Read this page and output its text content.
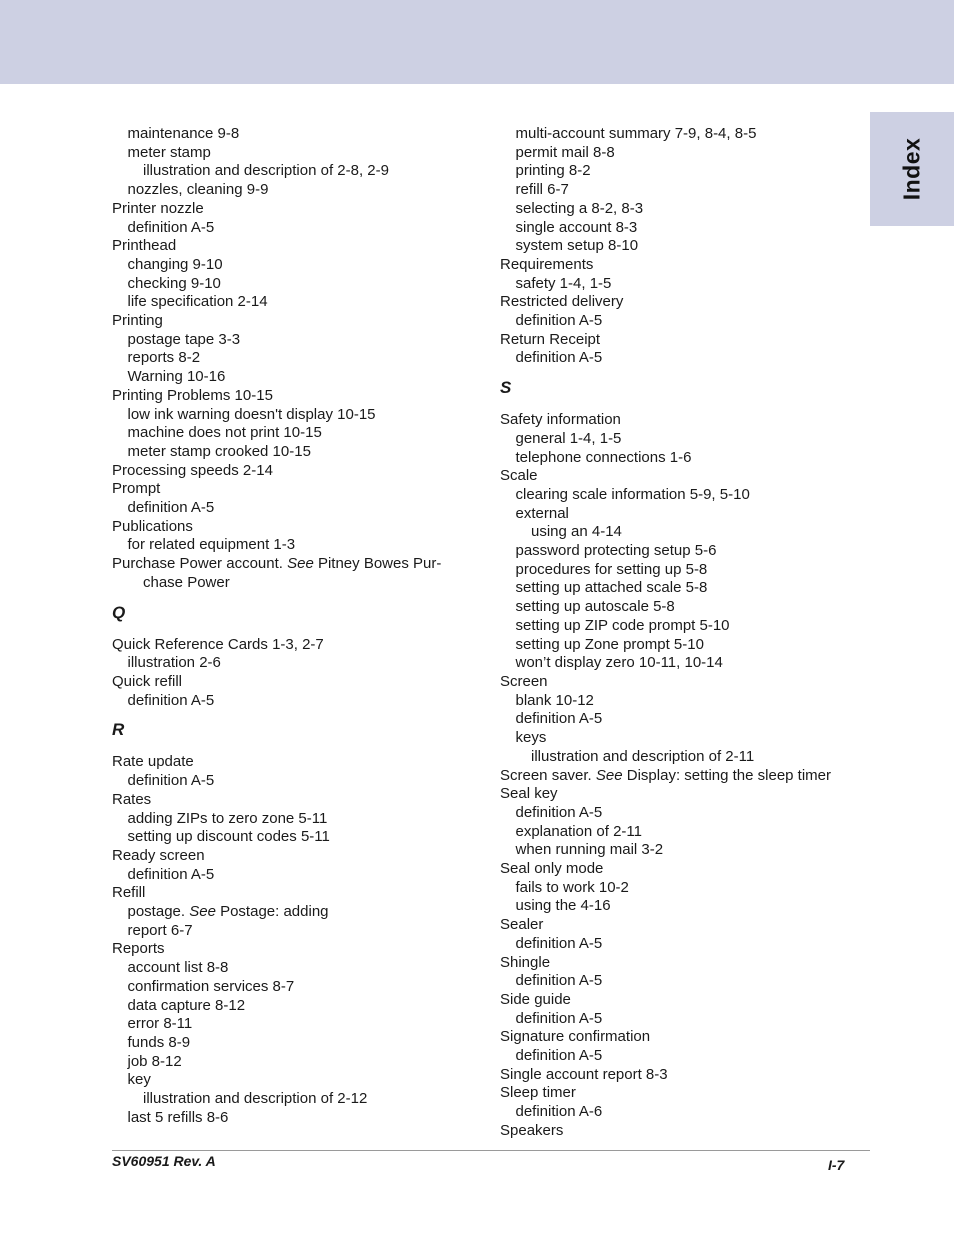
Index
maintenance 9-8
meter stamp
illustration and description of 2-8, 2-9
nozzles, cleaning 9-9
Printer nozzle
definition A-5
Printhead
changing 9-10
checking 9-10
life specification 2-14
Printing
postage tape 3-3
reports 8-2
Warning 10-16
Printing Problems 10-15
low ink warning doesn't display 10-15
machine does not print 10-15
meter stamp crooked 10-15
Processing speeds 2-14
Prompt
definition A-5
Publications
for related equipment 1-3
Purchase Power account. See Pitney Bowes Pur-
chase Power
Q
Quick Reference Cards 1-3, 2-7
illustration 2-6
Quick refill
definition A-5
R
Rate update
definition A-5
Rates
adding ZIPs to zero zone 5-11
setting up discount codes 5-11
Ready screen
definition A-5
Refill
postage. See Postage: adding
report 6-7
Reports
account list 8-8
confirmation services 8-7
data capture 8-12
error 8-11
funds 8-9
job 8-12
key
illustration and description of 2-12
last 5 refills 8-6
multi-account summary 7-9, 8-4, 8-5
permit mail 8-8
printing 8-2
refill 6-7
selecting a 8-2, 8-3
single account 8-3
system setup 8-10
Requirements
safety 1-4, 1-5
Restricted delivery
definition A-5
Return Receipt
definition A-5
S
Safety information
general 1-4, 1-5
telephone connections 1-6
Scale
clearing scale information 5-9, 5-10
external
using an 4-14
password protecting setup 5-6
procedures for setting up 5-8
setting up attached scale 5-8
setting up autoscale 5-8
setting up ZIP code prompt 5-10
setting up Zone prompt 5-10
won’t display zero 10-11, 10-14
Screen
blank 10-12
definition A-5
keys
illustration and description of 2-11
Screen saver. See Display: setting the sleep timer
Seal key
definition A-5
explanation of 2-11
when running mail 3-2
Seal only mode
fails to work 10-2
using the 4-16
Sealer
definition A-5
Shingle
definition A-5
Side guide
definition A-5
Signature confirmation
definition A-5
Single account report 8-3
Sleep timer
definition A-6
Speakers
SV60951 Rev. A	I-7
